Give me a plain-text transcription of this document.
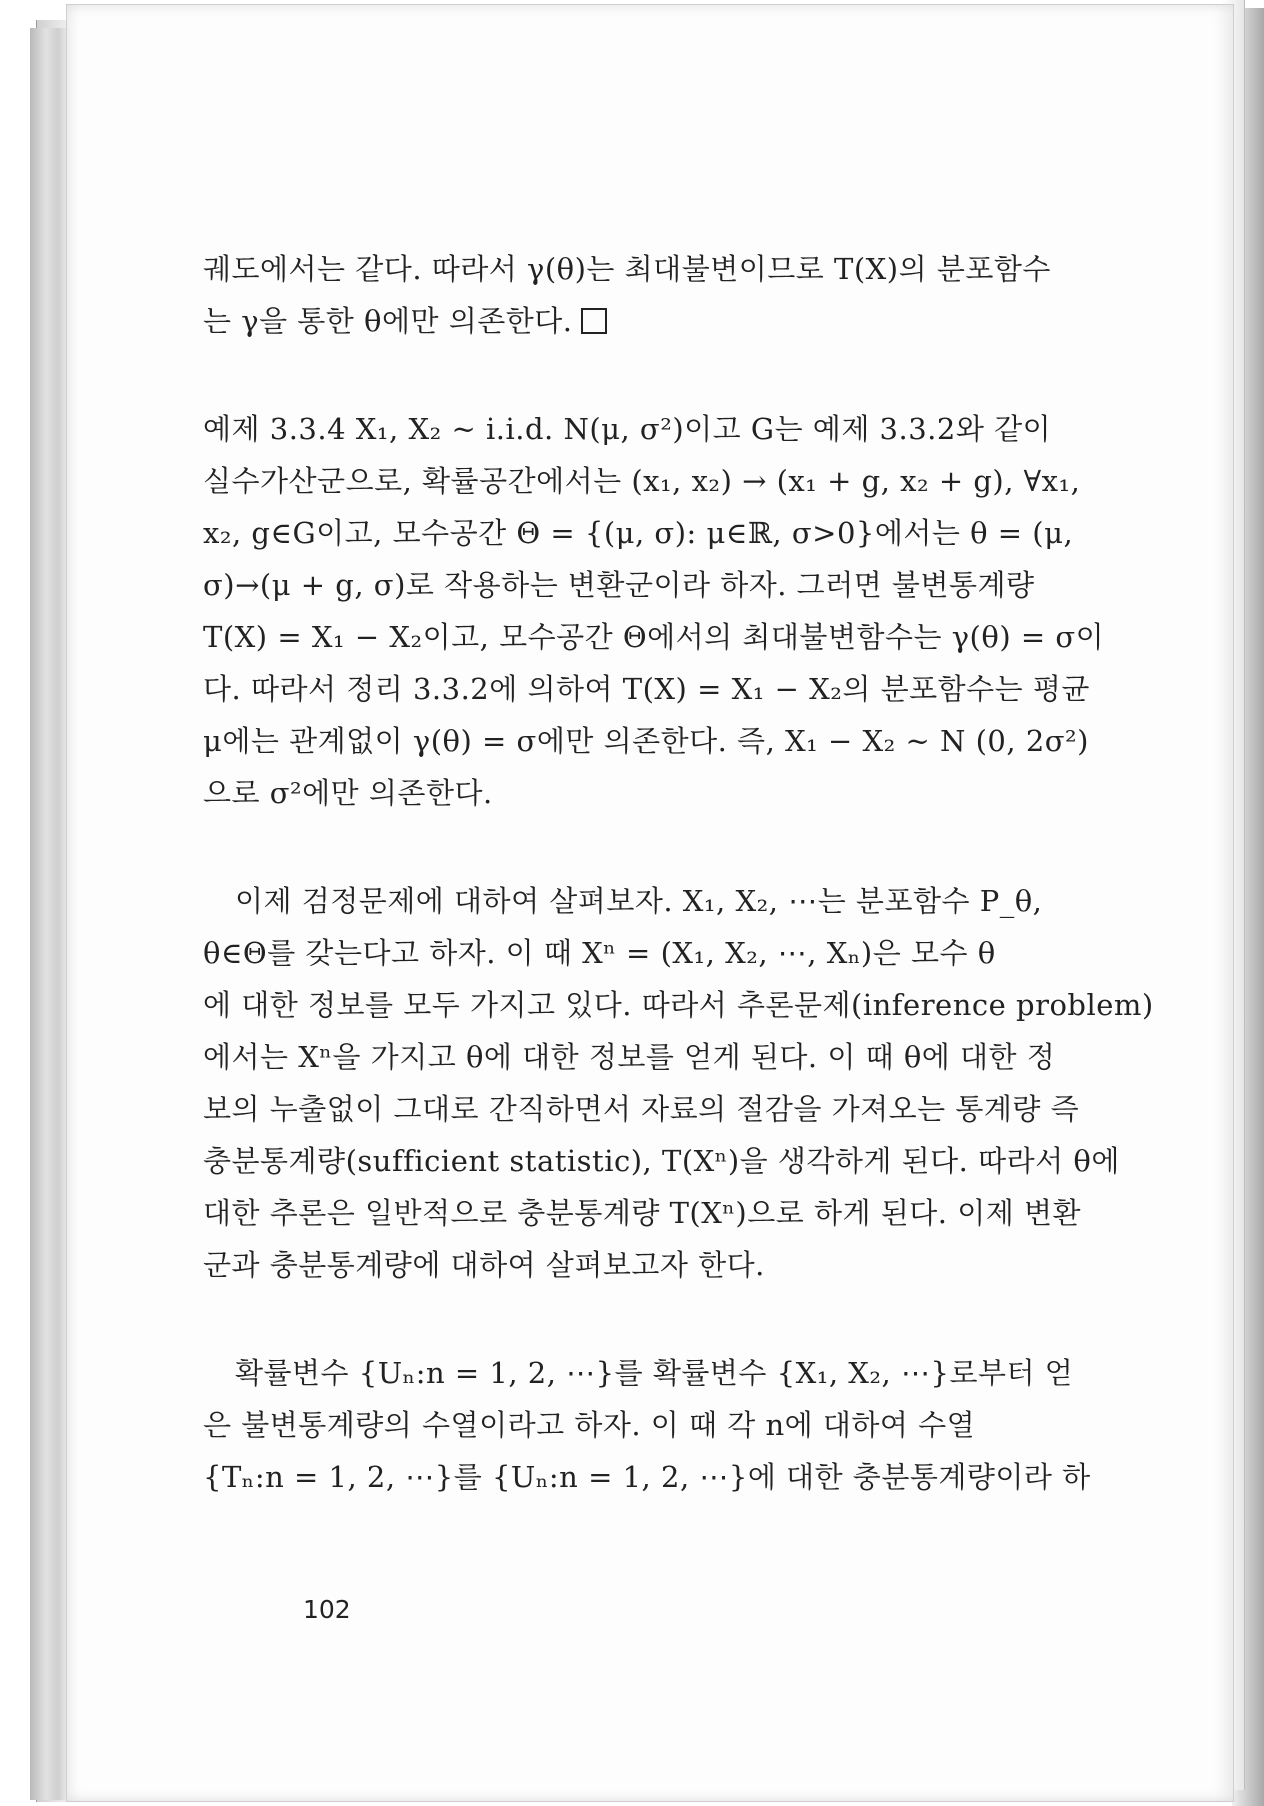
궤도에서는 같다. 따라서 γ(θ)는 최대불변이므로 T(X)의 분포함수
는 γ을 통한 θ에만 의존한다.

예제 3.3.4 X₁, X₂ ~ i.i.d. N(μ, σ²)이고 G는 예제 3.3.2와 같이
실수가산군으로, 확률공간에서는 (x₁, x₂) → (x₁ + g, x₂ + g), ∀x₁,
x₂, g∈G이고, 모수공간 Θ = {(μ, σ): μ∈ℝ, σ>0}에서는 θ = (μ,
σ)→(μ + g, σ)로 작용하는 변환군이라 하자. 그러면 불변통계량
T(X) = X₁ − X₂이고, 모수공간 Θ에서의 최대불변함수는 γ(θ) = σ이
다. 따라서 정리 3.3.2에 의하여 T(X) = X₁ − X₂의 분포함수는 평균
μ에는 관계없이 γ(θ) = σ에만 의존한다. 즉, X₁ − X₂ ~ N (0, 2σ²)
으로 σ²에만 의존한다.

이제 검정문제에 대하여 살펴보자. X₁, X₂, ⋯는 분포함수 P_θ,
θ∈Θ를 갖는다고 하자. 이 때 Xⁿ = (X₁, X₂, ⋯, Xₙ)은 모수 θ
에 대한 정보를 모두 가지고 있다. 따라서 추론문제(inference problem)
에서는 Xⁿ을 가지고 θ에 대한 정보를 얻게 된다. 이 때 θ에 대한 정
보의 누출없이 그대로 간직하면서 자료의 절감을 가져오는 통계량 즉
충분통계량(sufficient statistic), T(Xⁿ)을 생각하게 된다. 따라서 θ에
대한 추론은 일반적으로 충분통계량 T(Xⁿ)으로 하게 된다. 이제 변환
군과 충분통계량에 대하여 살펴보고자 한다.

확률변수 {Uₙ:n = 1, 2, ⋯}를 확률변수 {X₁, X₂, ⋯}로부터 얻
은 불변통계량의 수열이라고 하자. 이 때 각 n에 대하여 수열
{Tₙ:n = 1, 2, ⋯}를 {Uₙ:n = 1, 2, ⋯}에 대한 충분통계량이라 하

102
